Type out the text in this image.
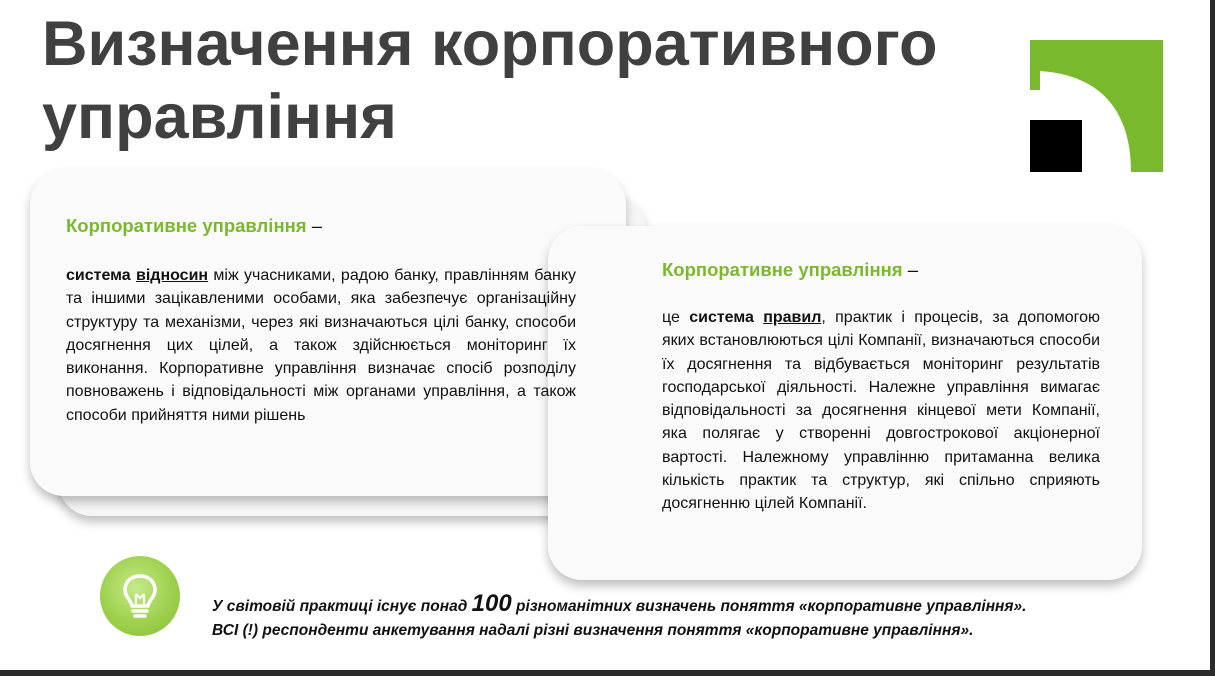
Визначення корпоративного управління
Корпоративне управління –

система відносин між учасниками, радою банку, правлінням банку та іншими зацікавленими особами, яка забезпечує організаційну структуру та механізми, через які визначаються цілі банку, способи досягнення цих цілей, а також здійснюється моніторинг їх виконання. Корпоративне управління визначає спосіб розподілу повноважень і відповідальності між органами управління, а також способи прийняття ними рішень

Корпоративне управління –

це система правил, практик і процесів, за допомогою яких встановлюються цілі Компанії, визначаються способи їх досягнення та відбувається моніторинг результатів господарської діяльності. Належне управління вимагає відповідальності за досягнення кінцевої мети Компанії, яка полягає у створенні довгострокової акціонерної вартості. Належному управлінню притаманна велика кількість практик та структур, які спільно сприяють досягненню цілей Компанії.

У світовій практиці існує понад 100 різноманітних визначень поняття «корпоративне управління».
ВСІ (!) респонденти анкетування надалі різні визначення поняття «корпоративне управління».
